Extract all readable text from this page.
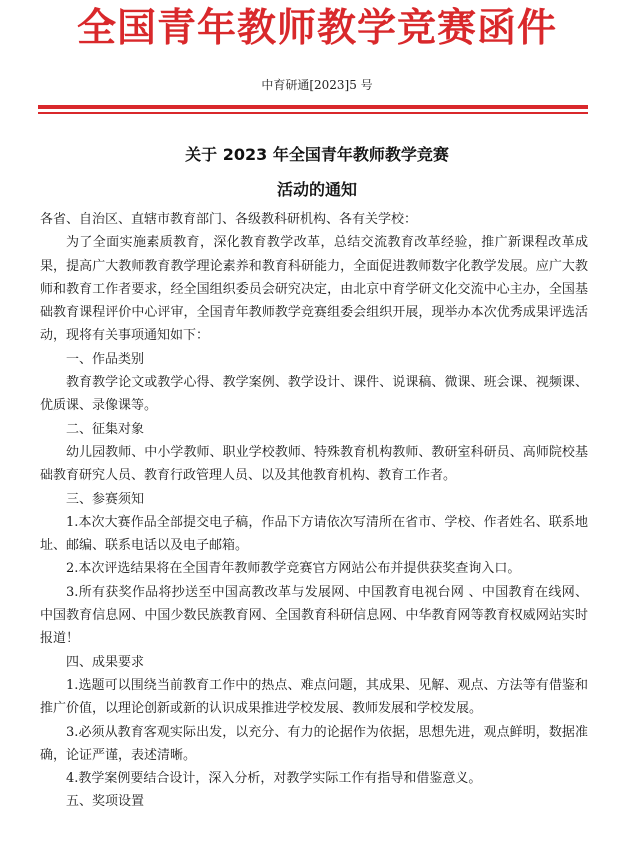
全国青年教师教学竞赛函件
中育研通[2023]5 号
关于 2023 年全国青年教师教学竞赛
活动的通知

各省、自治区、直辖市教育部门、各级教科研机构、各有关学校：

为了全面实施素质教育，深化教育教学改革，总结交流教育改革经验，推广新课程改革成果，提高广大教师教育教学理论素养和教育科研能力，全面促进教师数字化教学发展。应广大教师和教育工作者要求，经全国组织委员会研究决定，由北京中育学研文化交流中心主办，全国基础教育课程评价中心评审，全国青年教师教学竞赛组委会组织开展，现举办本次优秀成果评选活动，现将有关事项通知如下：

一、作品类别

教育教学论文或教学心得、教学案例、教学设计、课件、说课稿、微课、班会课、视频课、优质课、录像课等。

二、征集对象

幼儿园教师、中小学教师、职业学校教师、特殊教育机构教师、教研室科研员、高师院校基础教育研究人员、教育行政管理人员、以及其他教育机构、教育工作者。

三、参赛须知

1.本次大赛作品全部提交电子稿，作品下方请依次写清所在省市、学校、作者姓名、联系地址、邮编、联系电话以及电子邮箱。

2.本次评选结果将在全国青年教师教学竞赛官方网站公布并提供获奖查询入口。

3.所有获奖作品将抄送至中国高教改革与发展网、中国教育电视台网 、中国教育在线网、中国教育信息网、中国少数民族教育网、全国教育科研信息网、中华教育网等教育权威网站实时报道！

四、成果要求

1.选题可以围绕当前教育工作中的热点、难点问题，其成果、见解、观点、方法等有借鉴和推广价值，以理论创新或新的认识成果推进学校发展、教师发展和学校发展。

3.必须从教育客观实际出发，以充分、有力的论据作为依据，思想先进，观点鲜明，数据准确，论证严谨，表述清晰。

4.教学案例要结合设计，深入分析，对教学实际工作有指导和借鉴意义。

五、奖项设置
